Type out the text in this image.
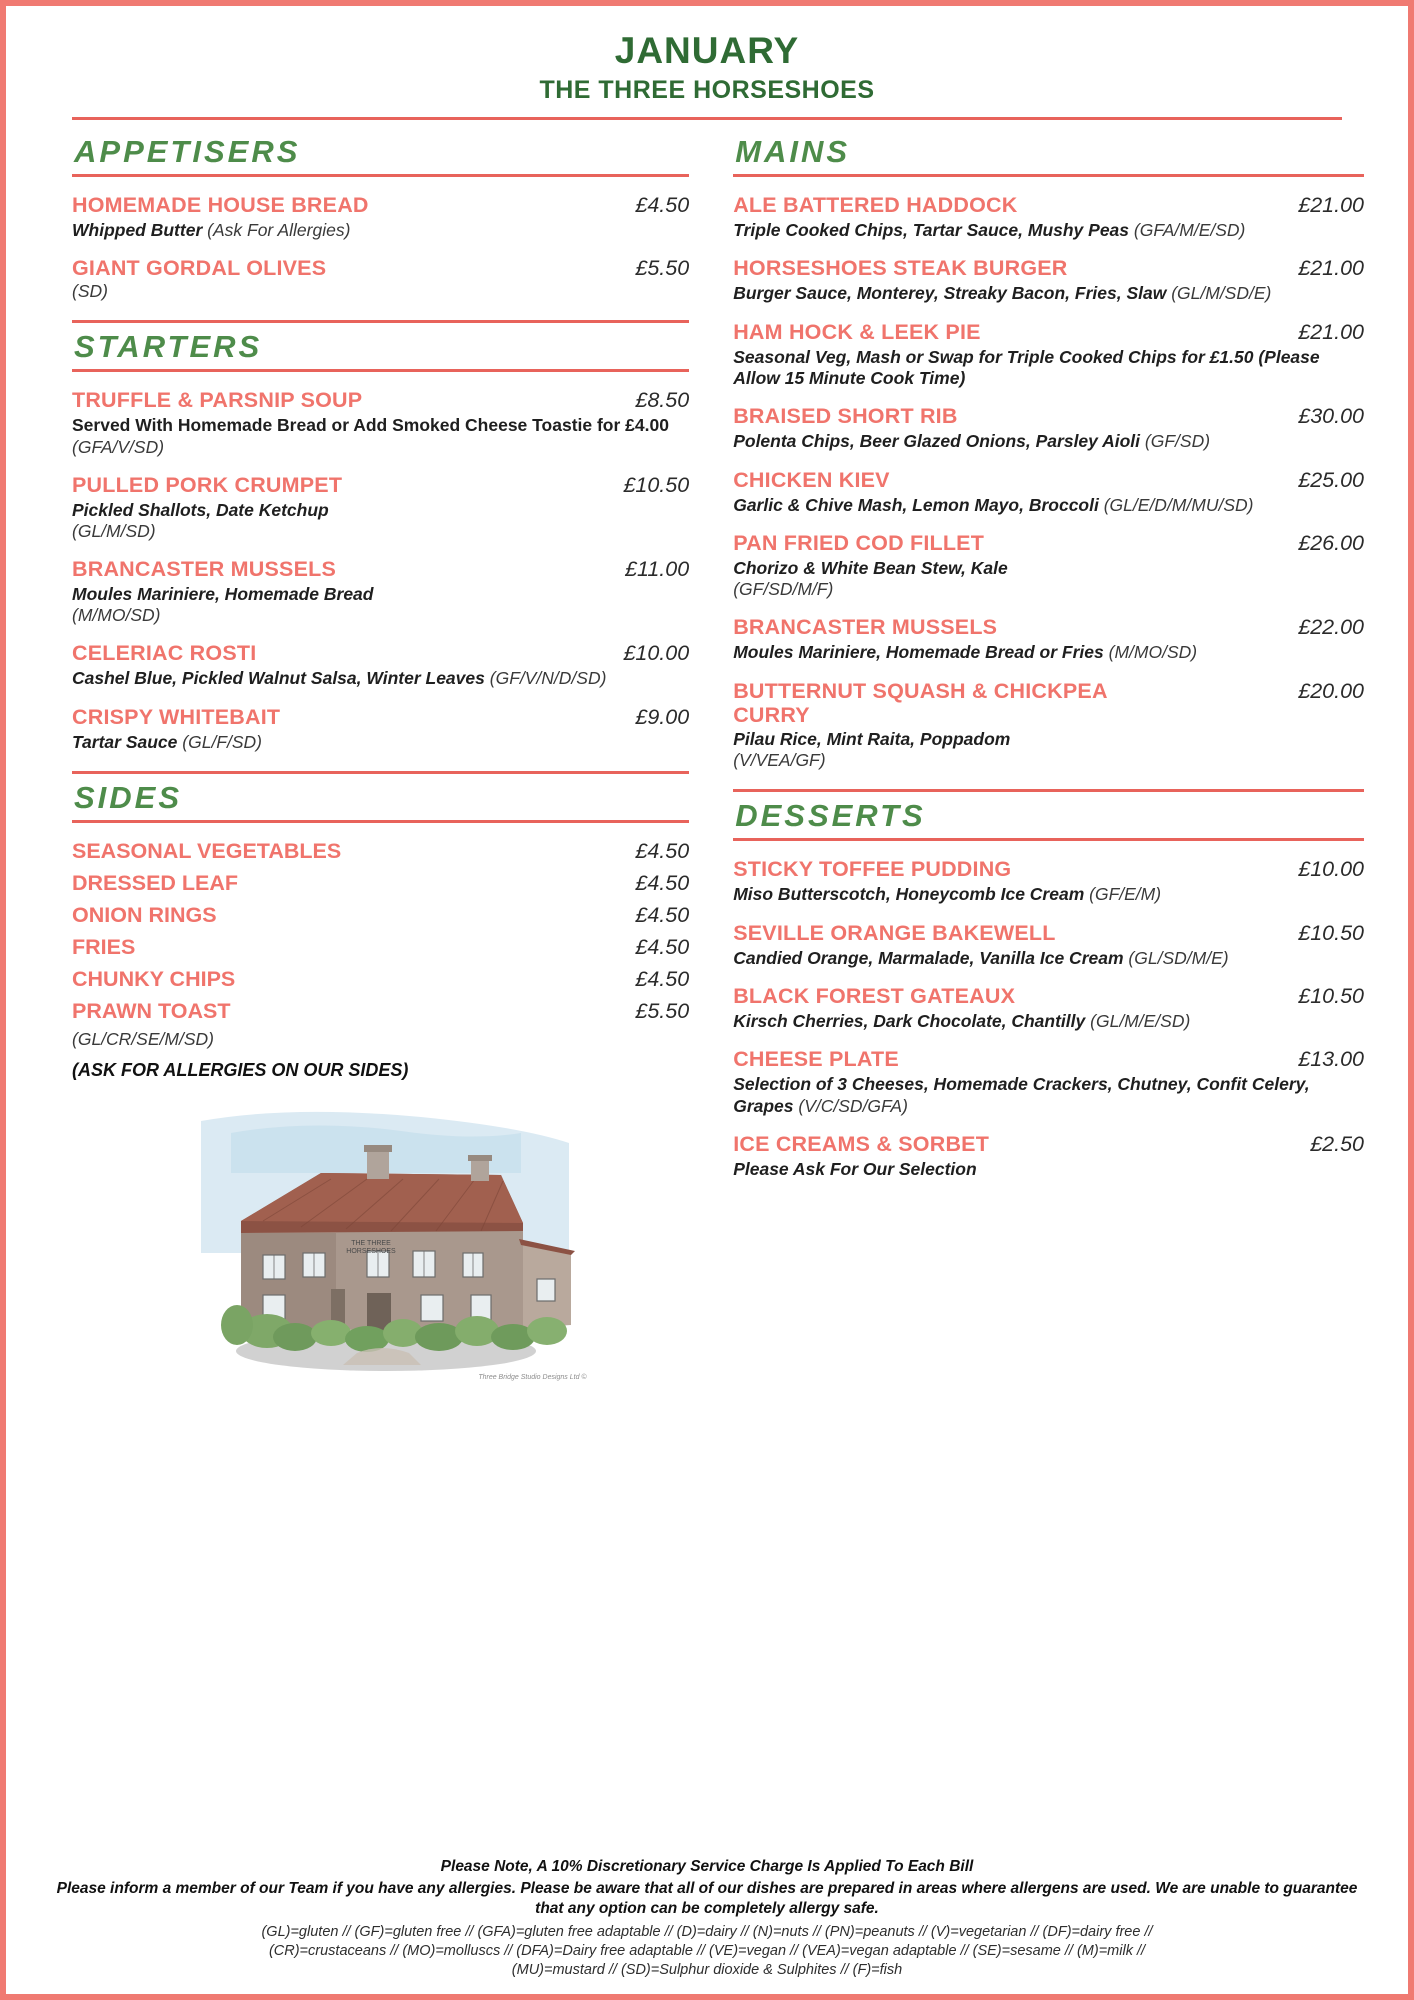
JANUARY
THE THREE HORSESHOES
APPETISERS
HOMEMADE HOUSE BREAD	£4.50
Whipped Butter (Ask For Allergies)
GIANT GORDAL OLIVES	£5.50
(SD)
STARTERS
TRUFFLE & PARSNIP SOUP	£8.50
Served With Homemade Bread or Add Smoked Cheese Toastie for £4.00
(GFA/V/SD)
PULLED PORK CRUMPET	£10.50
Pickled Shallots, Date Ketchup
(GL/M/SD)
BRANCASTER MUSSELS	£11.00
Moules Mariniere, Homemade Bread
(M/MO/SD)
CELERIAC ROSTI	£10.00
Cashel Blue, Pickled Walnut Salsa, Winter Leaves (GF/V/N/D/SD)
CRISPY WHITEBAIT	£9.00
Tartar Sauce (GL/F/SD)
SIDES
SEASONAL VEGETABLES	£4.50
DRESSED LEAF	£4.50
ONION RINGS	£4.50
FRIES	£4.50
CHUNKY CHIPS	£4.50
PRAWN TOAST	£5.50
(GL/CR/SE/M/SD)
(ASK FOR ALLERGIES ON OUR SIDES)
THE THREE
HORSESHOES
Three Bridge Studio Designs Ltd ©
MAINS
ALE BATTERED HADDOCK	£21.00
Triple Cooked Chips, Tartar Sauce, Mushy Peas (GFA/M/E/SD)
HORSESHOES STEAK BURGER	£21.00
Burger Sauce, Monterey, Streaky Bacon, Fries, Slaw (GL/M/SD/E)
HAM HOCK & LEEK PIE	£21.00
Seasonal Veg, Mash or Swap for Triple Cooked Chips for £1.50 (Please Allow 15 Minute Cook Time)
BRAISED SHORT RIB	£30.00
Polenta Chips, Beer Glazed Onions, Parsley Aioli (GF/SD)
CHICKEN KIEV	£25.00
Garlic & Chive Mash, Lemon Mayo, Broccoli (GL/E/D/M/MU/SD)
PAN FRIED COD FILLET	£26.00
Chorizo & White Bean Stew, Kale
(GF/SD/M/F)
BRANCASTER MUSSELS	£22.00
Moules Mariniere, Homemade Bread or Fries (M/MO/SD)
BUTTERNUT SQUASH & CHICKPEA CURRY
£20.00
Pilau Rice, Mint Raita, Poppadom
(V/VEA/GF)
DESSERTS
STICKY TOFFEE PUDDING	£10.00
Miso Butterscotch, Honeycomb Ice Cream (GF/E/M)
SEVILLE ORANGE BAKEWELL	£10.50
Candied Orange, Marmalade, Vanilla Ice Cream (GL/SD/M/E)
BLACK FOREST GATEAUX	£10.50
Kirsch Cherries, Dark Chocolate, Chantilly (GL/M/E/SD)
CHEESE PLATE	£13.00
Selection of 3 Cheeses, Homemade Crackers, Chutney, Confit Celery, Grapes (V/C/SD/GFA)
ICE CREAMS & SORBET	£2.50
Please Ask For Our Selection
Please Note, A 10% Discretionary Service Charge Is Applied To Each Bill
Please inform a member of our Team if you have any allergies. Please be aware that all of our dishes are prepared in areas where allergens are used. We are unable to guarantee that any option can be completely allergy safe.
(GL)=gluten // (GF)=gluten free // (GFA)=gluten free adaptable // (D)=dairy // (N)=nuts // (PN)=peanuts // (V)=vegetarian // (DF)=dairy free //
(CR)=crustaceans // (MO)=molluscs // (DFA)=Dairy free adaptable // (VE)=vegan // (VEA)=vegan adaptable // (SE)=sesame // (M)=milk //
(MU)=mustard // (SD)=Sulphur dioxide & Sulphites // (F)=fish
